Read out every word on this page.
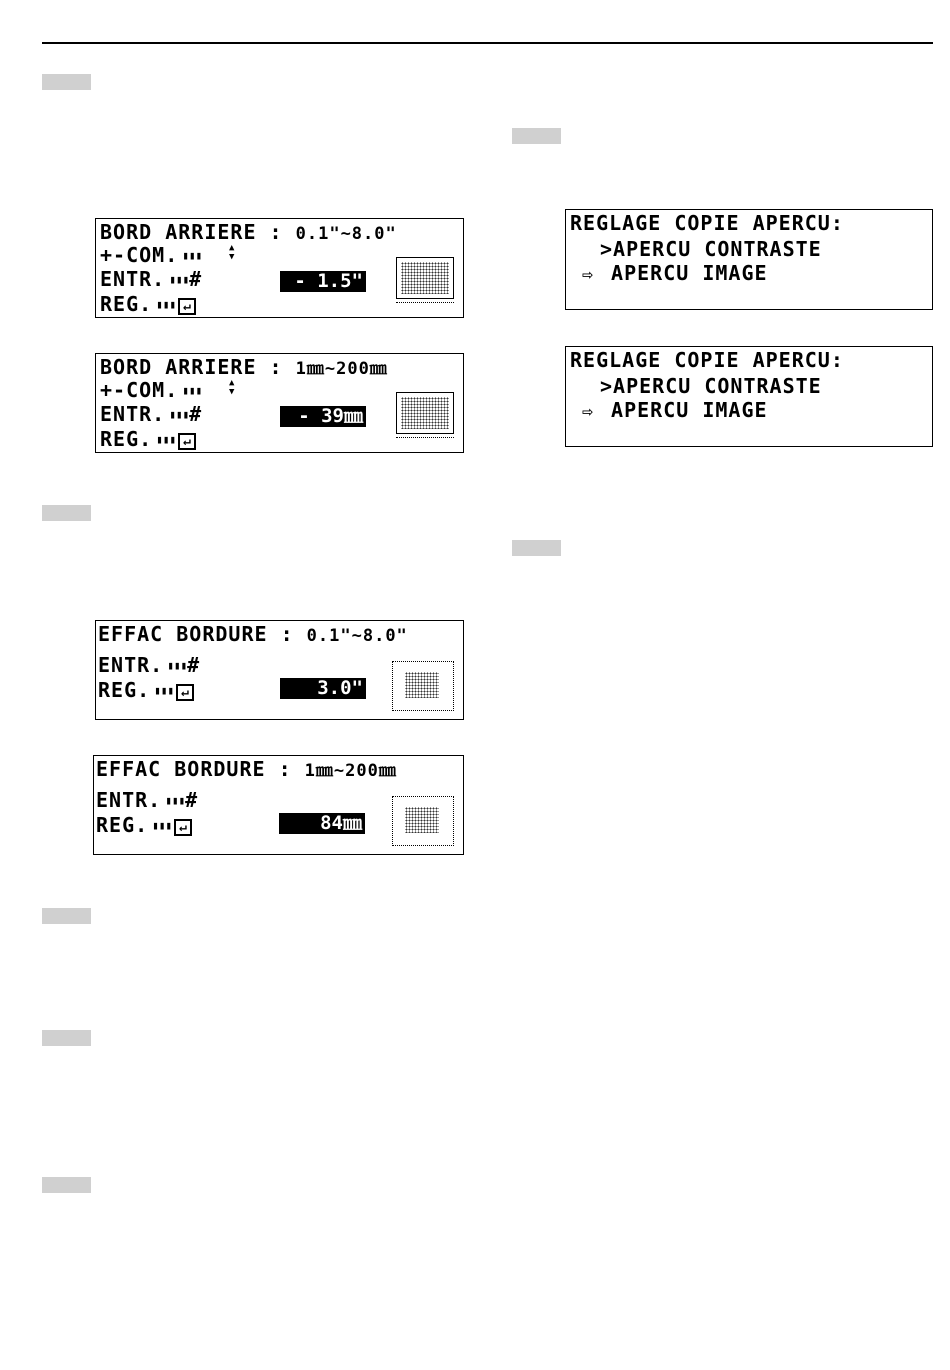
BORD ARRIERE : 0.1"~8.0"
+-COM. ▮▮▮
▲
▼
ENTR. ▮▮▮#
REG. ▮▮▮ ↵
- 1.5"
BORD ARRIERE : 1㎜~200㎜
+-COM. ▮▮▮
▲
▼
ENTR. ▮▮▮#
REG. ▮▮▮ ↵
- 39㎜
EFFAC BORDURE : 0.1"~8.0"
ENTR. ▮▮▮#
REG. ▮▮▮ ↵	3.0"
EFFAC BORDURE : 1㎜~200㎜
ENTR. ▮▮▮#
REG. ▮▮▮ ↵	84㎜
REGLAGE COPIE APERCU:
>APERCU CONTRASTE
⇨ APERCU IMAGE
REGLAGE COPIE APERCU:
>APERCU CONTRASTE
⇨ APERCU IMAGE
